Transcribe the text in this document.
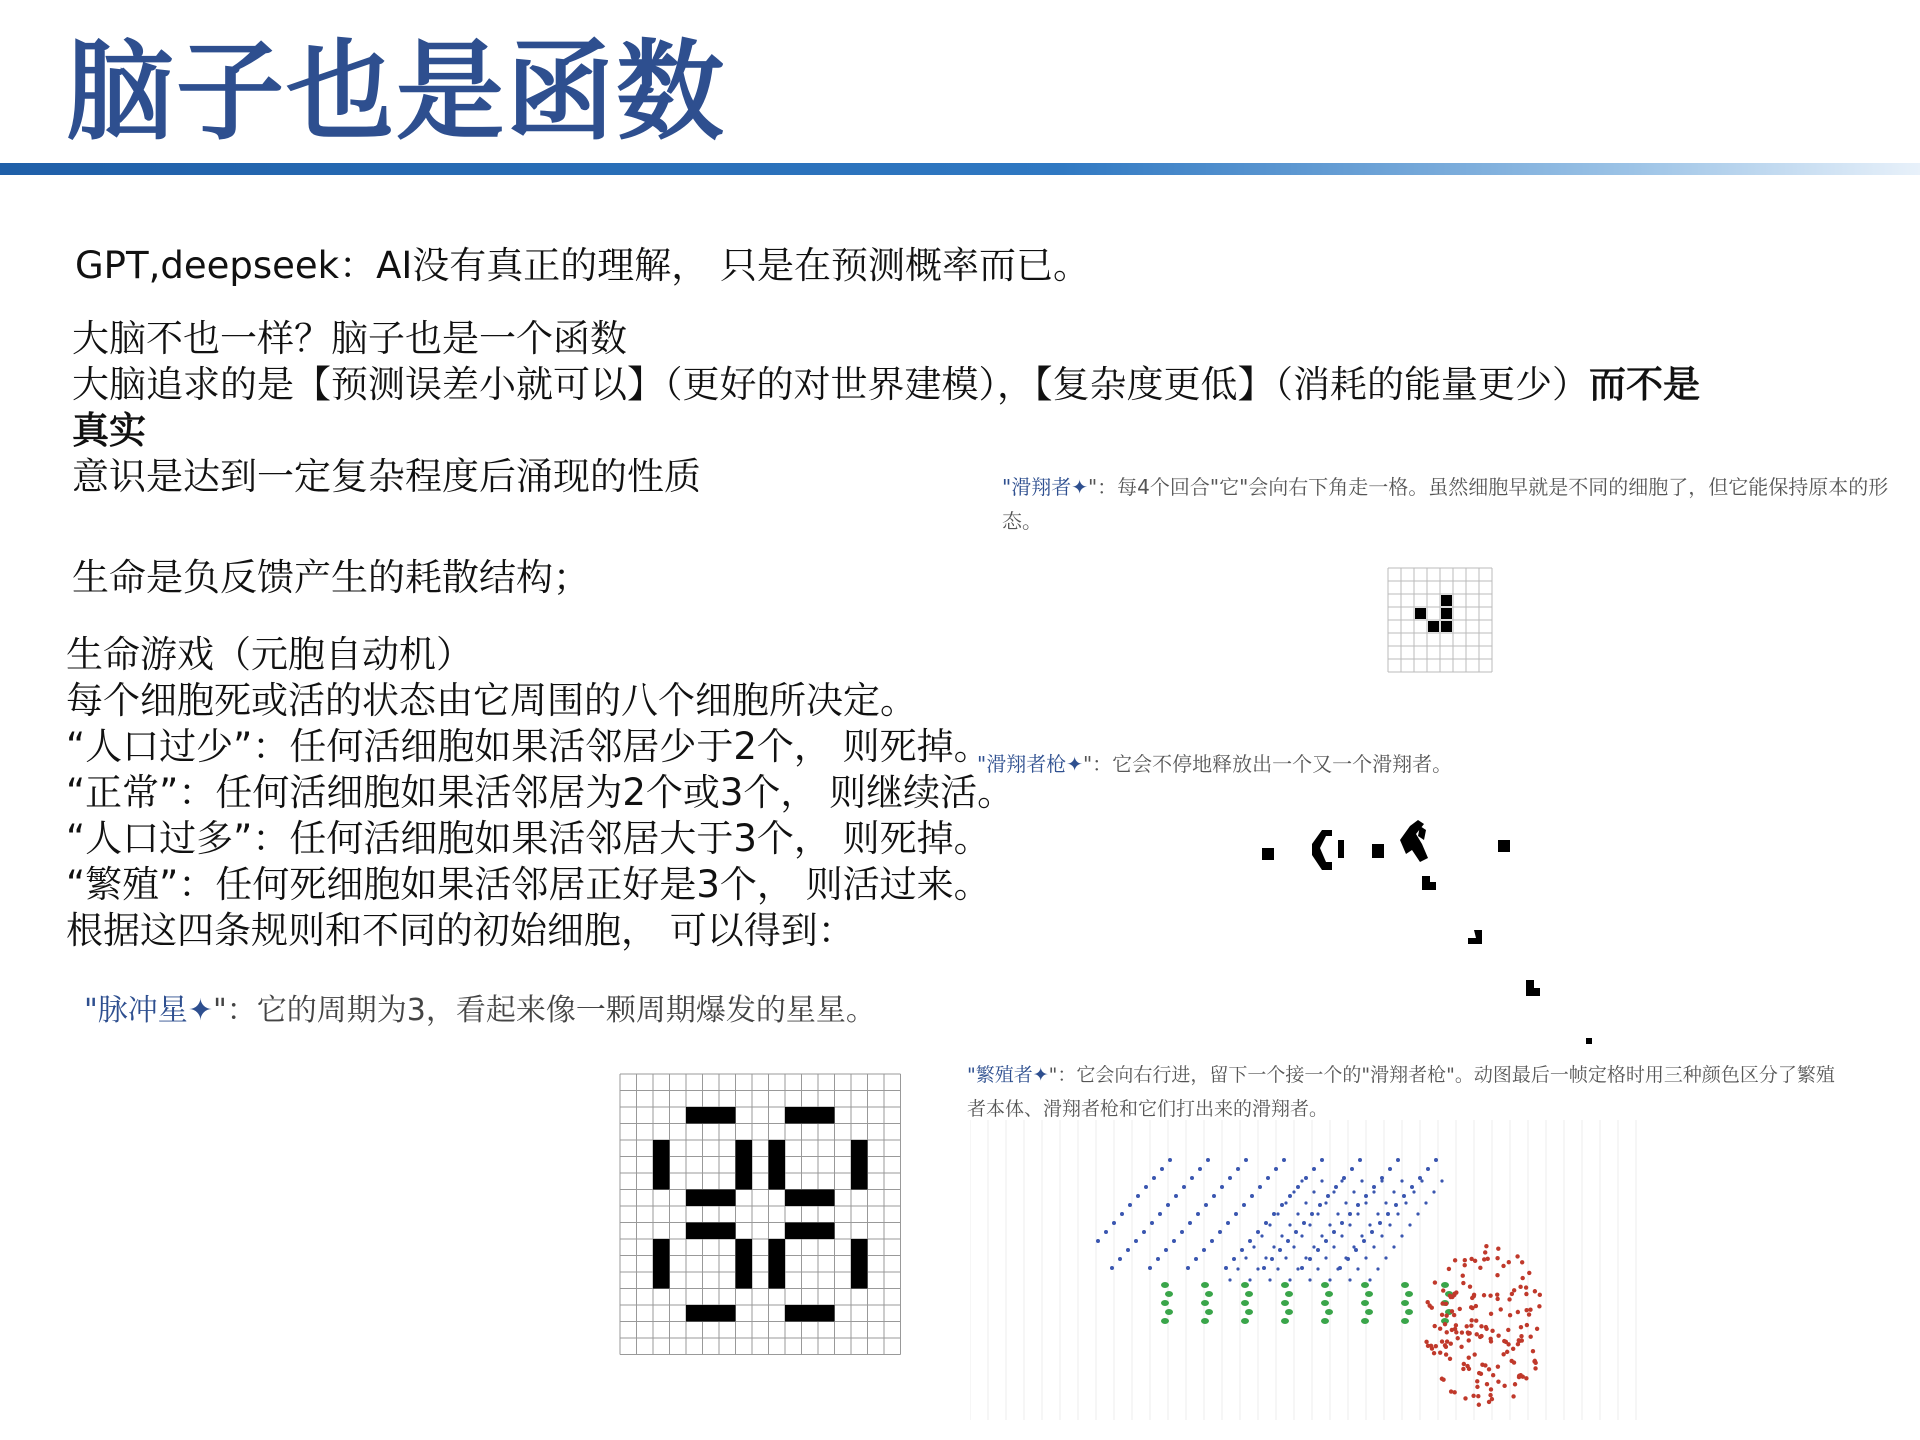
脑子也是函数
GPT,deepseek：AI没有真正的理解， 只是在预测概率而已。
大脑不也一样？脑子也是一个函数
大脑追求的是【预测误差小就可以】（更好的对世界建模），【复杂度更低】（消耗的能量更少）而不是真实
意识是达到一定复杂程度后涌现的性质
生命是负反馈产生的耗散结构；
生命游戏（元胞自动机）
每个细胞死或活的状态由它周围的八个细胞所决定。
“人口过少”：任何活细胞如果活邻居少于2个， 则死掉。
“正常”：任何活细胞如果活邻居为2个或3个， 则继续活。
“人口过多”：任何活细胞如果活邻居大于3个， 则死掉。
“繁殖”：任何死细胞如果活邻居正好是3个， 则活过来。
根据这四条规则和不同的初始细胞， 可以得到：
"滑翔者✦"：每4个回合"它"会向右下角走一格。虽然细胞早就是不同的细胞了，但它能保持原本的形态。
"滑翔者枪✦"：它会不停地释放出一个又一个滑翔者。
"脉冲星✦"：它的周期为3，看起来像一颗周期爆发的星星。
"繁殖者✦"：它会向右行进，留下一个接一个的"滑翔者枪"。动图最后一帧定格时用三种颜色区分了繁殖者本体、滑翔者枪和它们打出来的滑翔者。
